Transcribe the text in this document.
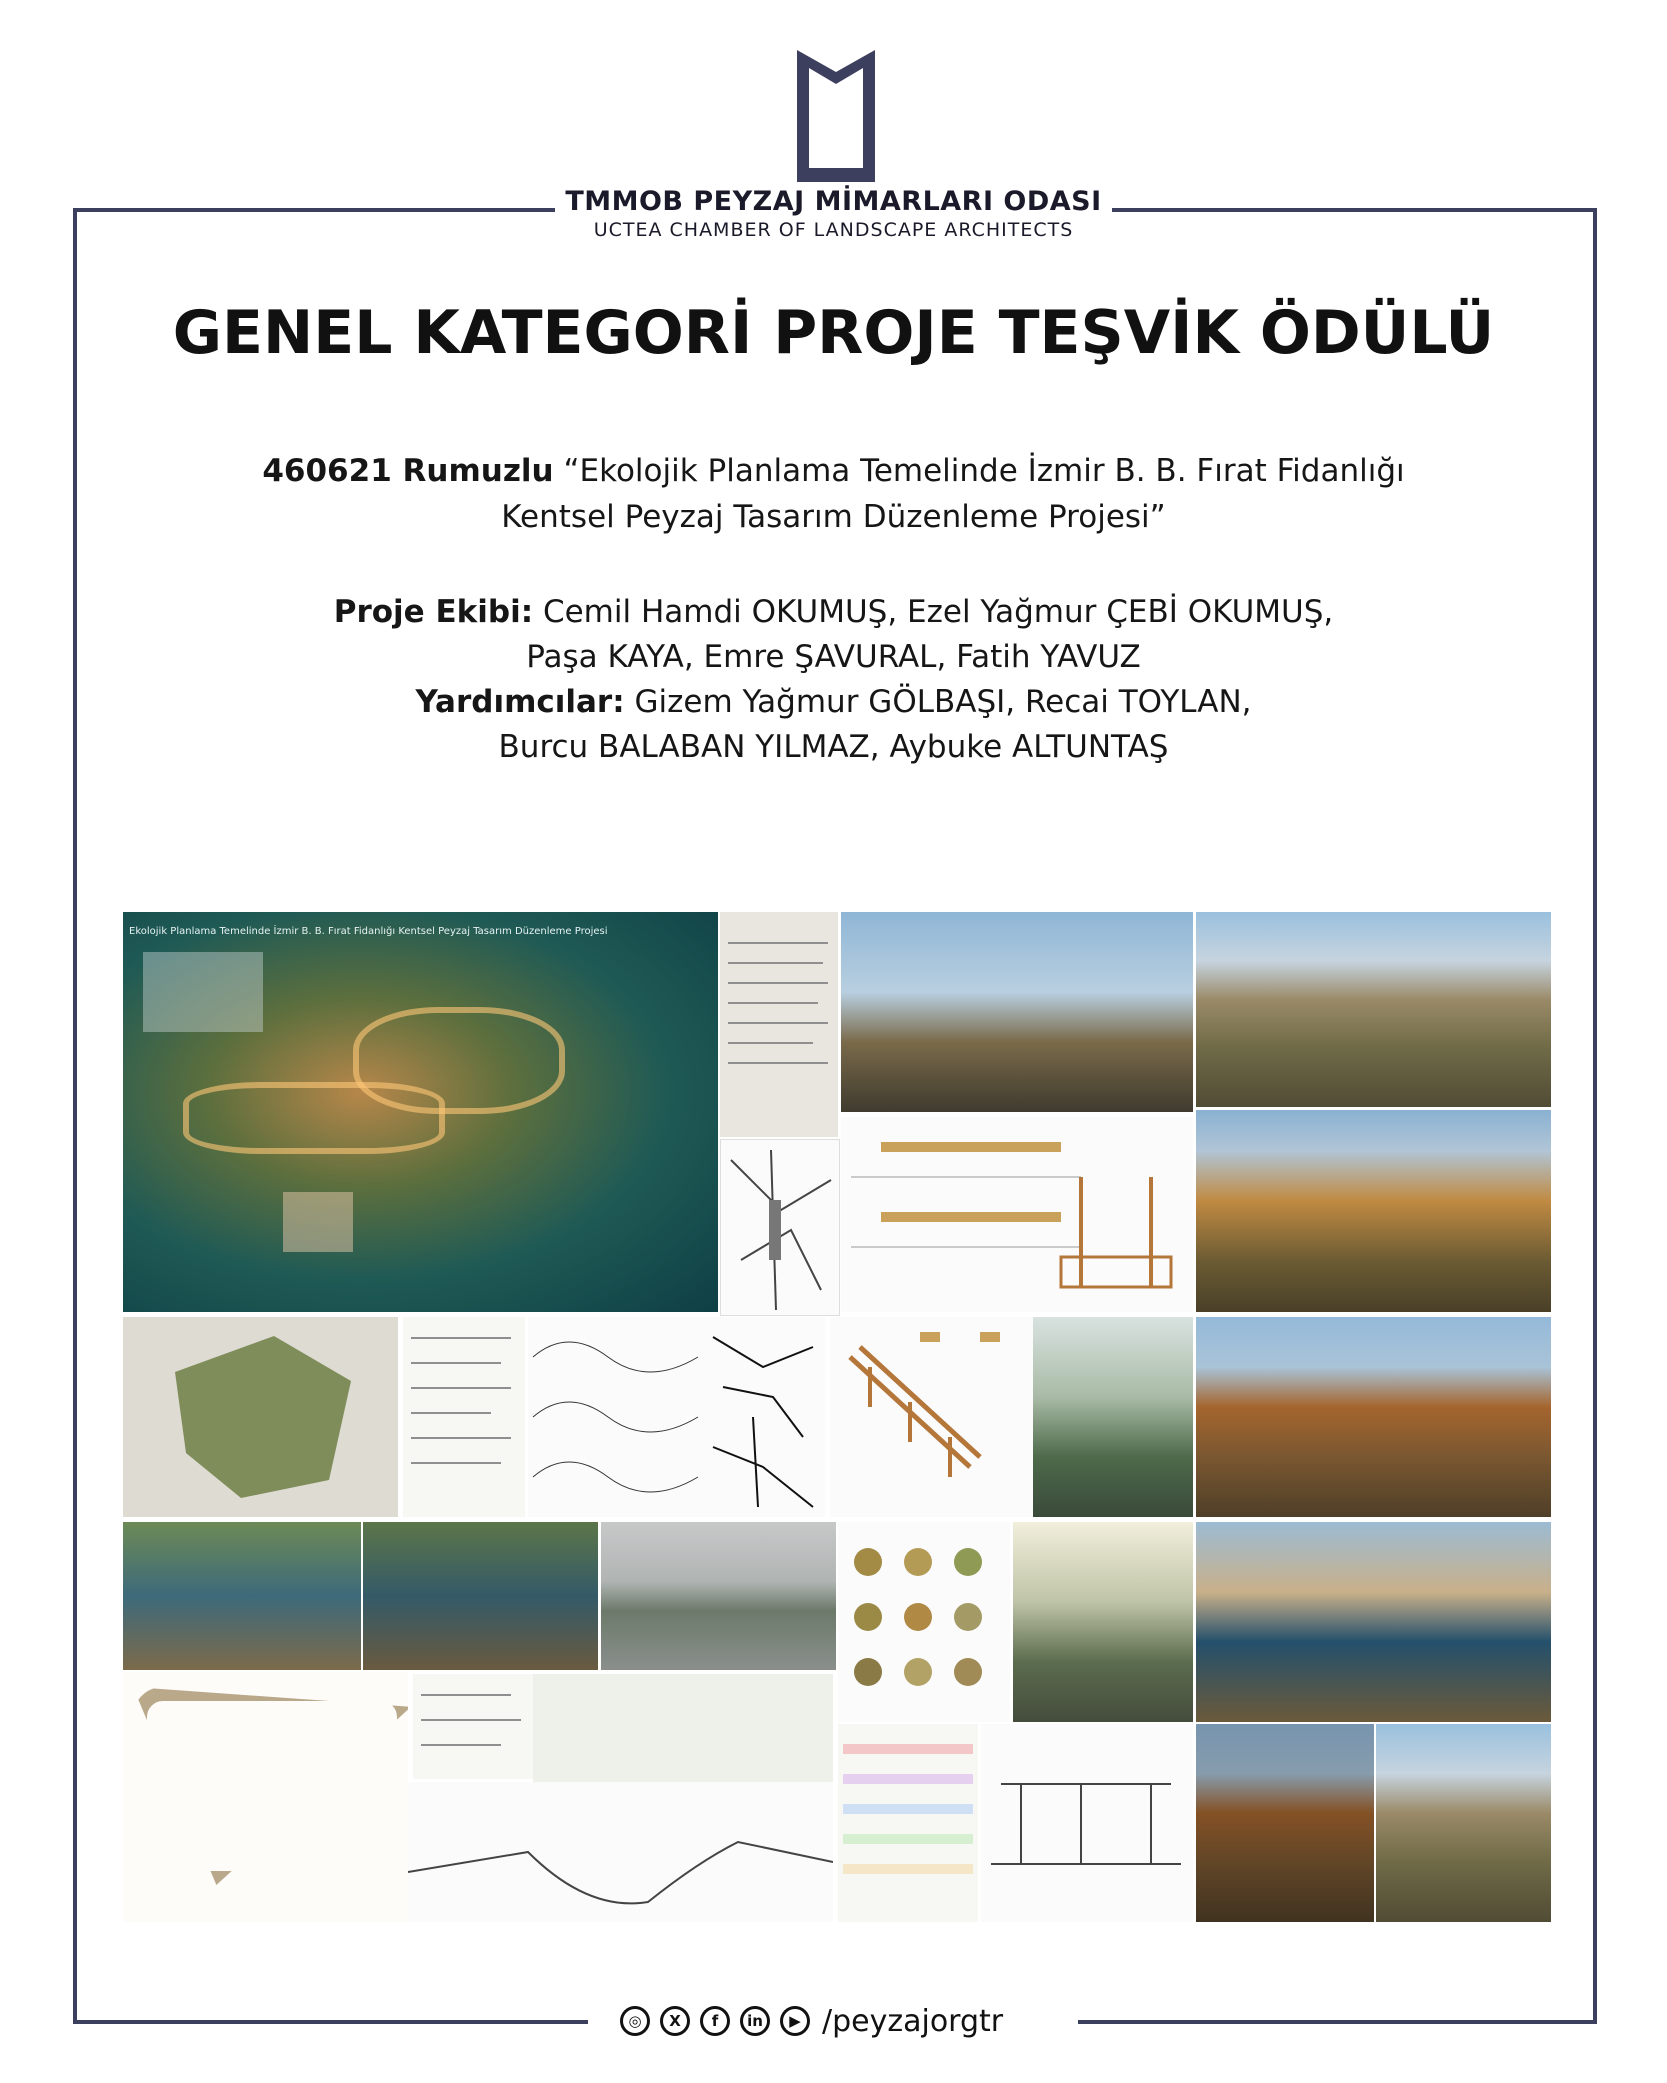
TMMOB PEYZAJ MİMARLARI ODASI
UCTEA CHAMBER OF LANDSCAPE ARCHITECTS
GENEL KATEGORİ PROJE TEŞVİK ÖDÜLÜ
460621 Rumuzlu “Ekolojik Planlama Temelinde İzmir B. B. Fırat Fidanlığı
Kentsel Peyzaj Tasarım Düzenleme Projesi”
Proje Ekibi: Cemil Hamdi OKUMUŞ, Ezel Yağmur ÇEBİ OKUMUŞ,
Paşa KAYA, Emre ŞAVURAL, Fatih YAVUZ
Yardımcılar: Gizem Yağmur GÖLBAŞI, Recai TOYLAN,
Burcu BALABAN YILMAZ, Aybuke ALTUNTAŞ
Ekolojik Planlama Temelinde İzmir B. B. Fırat Fidanlığı Kentsel Peyzaj Tasarım Düzenleme Projesi
◎	X	f	in	▶ /peyzajorgtr
